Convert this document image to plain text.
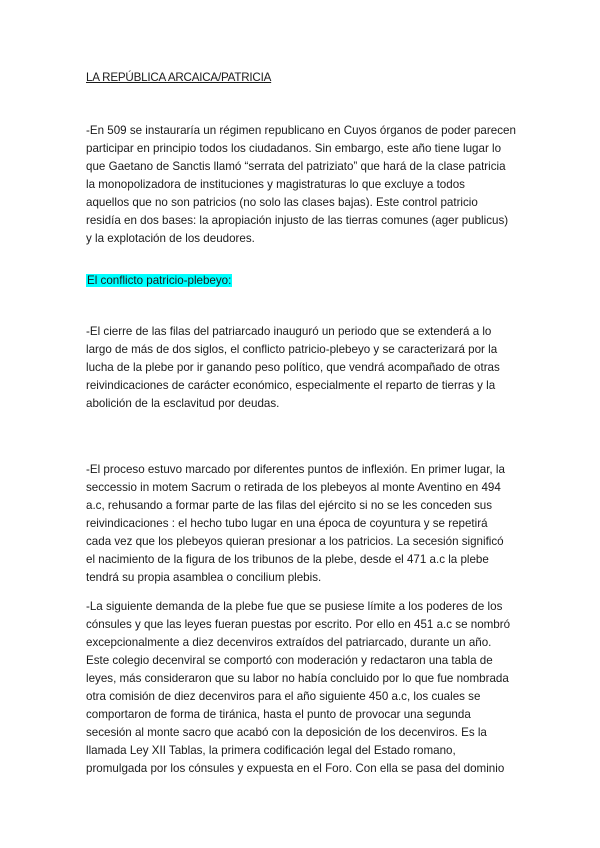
LA REPÚBLICA ARCAICA/PATRICIA
-En 509 se instauraría un régimen republicano en Cuyos órganos de poder parecen
participar en principio todos los ciudadanos. Sin embargo, este año tiene lugar lo
que Gaetano de Sanctis llamó “serrata del patriziato” que hará de la clase patricia
la monopolizadora de instituciones y magistraturas lo que excluye a todos
aquellos que no son patricios (no solo las clases bajas). Este control patricio
residía en dos bases: la apropiación injusto de las tierras comunes (ager publicus)
y la explotación de los deudores.
El conflicto patricio-plebeyo:
-El cierre de las filas del patriarcado inauguró un periodo que se extenderá a lo
largo de más de dos siglos, el conflicto patricio-plebeyo y se caracterizará por la
lucha de la plebe por ir ganando peso político, que vendrá acompañado de otras
reivindicaciones de carácter económico, especialmente el reparto de tierras y la
abolición de la esclavitud por deudas.
-El proceso estuvo marcado por diferentes puntos de inflexión. En primer lugar, la
seccessio in motem Sacrum o retirada de los plebeyos al monte Aventino en 494
a.c, rehusando a formar parte de las filas del ejército si no se les conceden sus
reivindicaciones : el hecho tubo lugar en una época de coyuntura y se repetirá
cada vez que los plebeyos quieran presionar a los patricios. La secesión significó
el nacimiento de la figura de los tribunos de la plebe, desde el 471 a.c la plebe
tendrá su propia asamblea o concilium plebis.
-La siguiente demanda de la plebe fue que se pusiese límite a los poderes de los
cónsules y que las leyes fueran puestas por escrito. Por ello en 451 a.c se nombró
excepcionalmente a diez decenviros extraídos del patriarcado, durante un año.
Este colegio decenviral se comportó con moderación y redactaron una tabla de
leyes, más consideraron que su labor no había concluido por lo que fue nombrada
otra comisión de diez decenviros para el año siguiente 450 a.c, los cuales se
comportaron de forma de tiránica, hasta el punto de provocar una segunda
secesión al monte sacro que acabó con la deposición de los decenviros. Es la
llamada Ley XII Tablas, la primera codificación legal del Estado romano,
promulgada por los cónsules y expuesta en el Foro. Con ella se pasa del dominio
